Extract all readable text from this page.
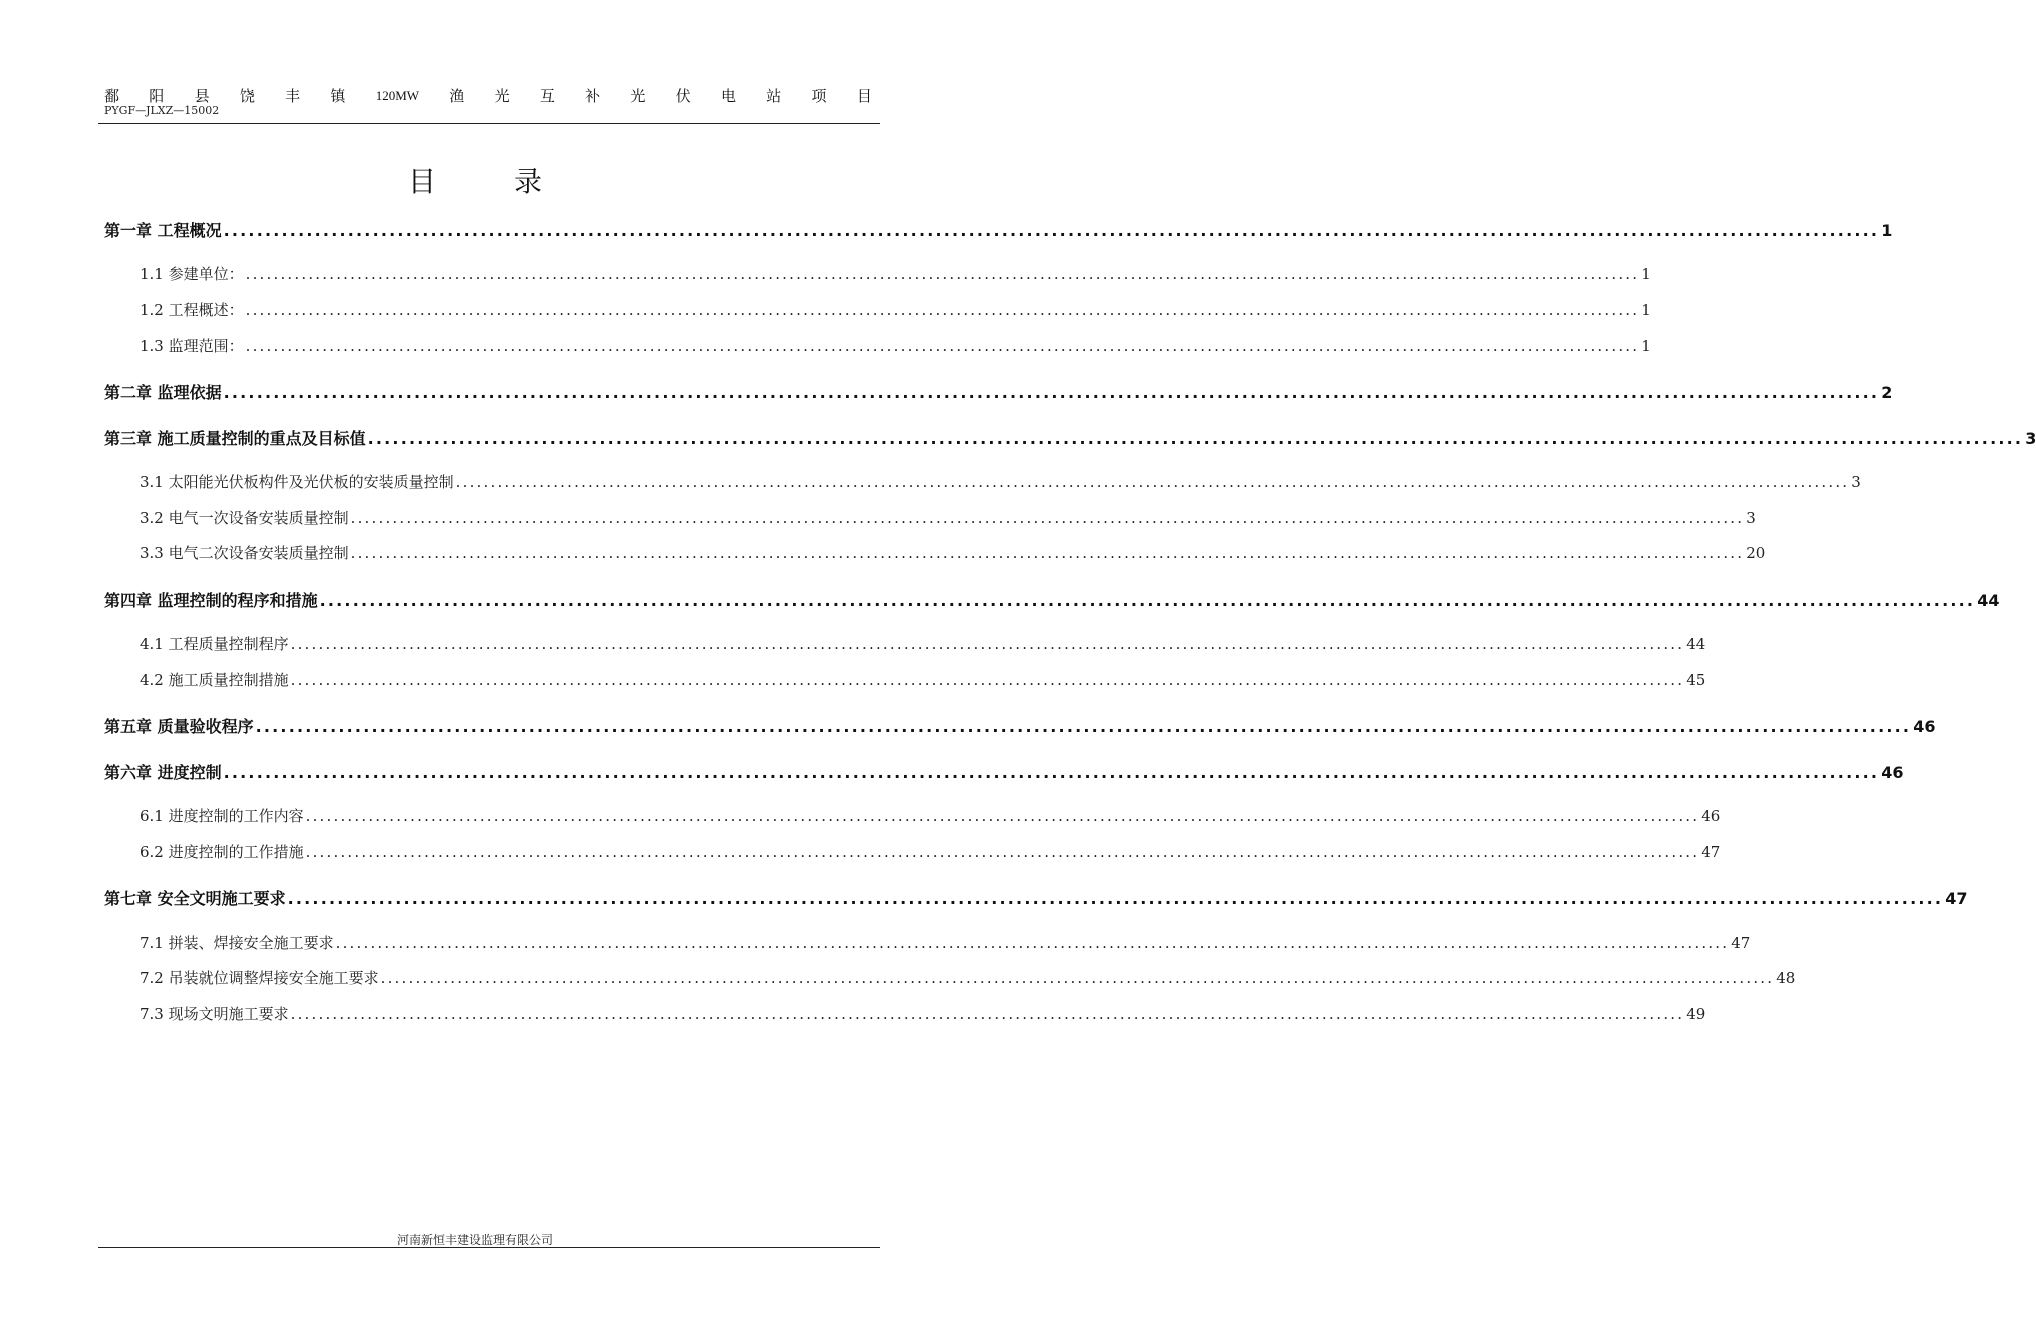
鄱 阳 县 饶 丰 镇 120MW 渔 光 互 补 光 伏 电 站 项 目
PYGF—JLXZ—15002
目录
第一章 工程概况 ........................................................................................................................................................................................................ 1
1.1 参建单位： ........................................................................................................................................................................................................ 1
1.2 工程概述： ........................................................................................................................................................................................................ 1
1.3 监理范围： ........................................................................................................................................................................................................ 1
第二章 监理依据 ........................................................................................................................................................................................................ 2
第三章 施工质量控制的重点及目标值 ........................................................................................................................................................................................................ 3
3.1 太阳能光伏板构件及光伏板的安装质量控制 ........................................................................................................................................................................................................ 3
3.2 电气一次设备安装质量控制 ........................................................................................................................................................................................................ 3
3.3 电气二次设备安装质量控制 ........................................................................................................................................................................................................ 20
第四章 监理控制的程序和措施 ........................................................................................................................................................................................................ 44
4.1 工程质量控制程序 ........................................................................................................................................................................................................ 44
4.2 施工质量控制措施 ........................................................................................................................................................................................................ 45
第五章 质量验收程序 ........................................................................................................................................................................................................ 46
第六章 进度控制 ........................................................................................................................................................................................................ 46
6.1 进度控制的工作内容 ........................................................................................................................................................................................................ 46
6.2 进度控制的工作措施 ........................................................................................................................................................................................................ 47
第七章 安全文明施工要求 ........................................................................................................................................................................................................ 47
7.1 拼装、焊接安全施工要求 ........................................................................................................................................................................................................ 47
7.2 吊装就位调整焊接安全施工要求 ........................................................................................................................................................................................................ 48
7.3 现场文明施工要求 ........................................................................................................................................................................................................ 49
河南新恒丰建设监理有限公司
